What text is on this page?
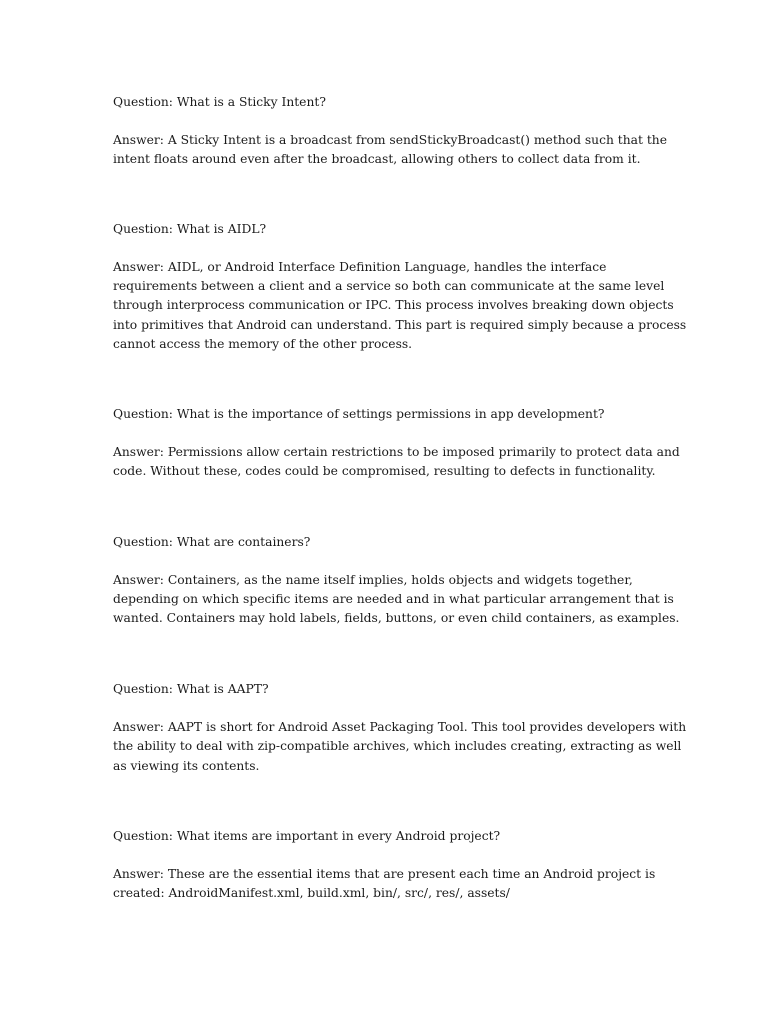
Question: What is a Sticky Intent?

Answer: A Sticky Intent is a broadcast from sendStickyBroadcast() method such that the

intent floats around even after the broadcast, allowing others to collect data from it.

Question: What is AIDL?

Answer: AIDL, or Android Interface Definition Language, handles the interface

requirements between a client and a service so both can communicate at the same level

through interprocess communication or IPC. This process involves breaking down objects

into primitives that Android can understand. This part is required simply because a process

cannot access the memory of the other process.

Question: What is the importance of settings permissions in app development?

Answer: Permissions allow certain restrictions to be imposed primarily to protect data and

code. Without these, codes could be compromised, resulting to defects in functionality.

Question: What are containers?

Answer: Containers, as the name itself implies, holds objects and widgets together,

depending on which specific items are needed and in what particular arrangement that is

wanted. Containers may hold labels, fields, buttons, or even child containers, as examples.

Question: What is AAPT?

Answer: AAPT is short for Android Asset Packaging Tool. This tool provides developers with

the ability to deal with zip-compatible archives, which includes creating, extracting as well

as viewing its contents.

Question: What items are important in every Android project?

Answer: These are the essential items that are present each time an Android project is

created: AndroidManifest.xml, build.xml, bin/, src/, res/, assets/
